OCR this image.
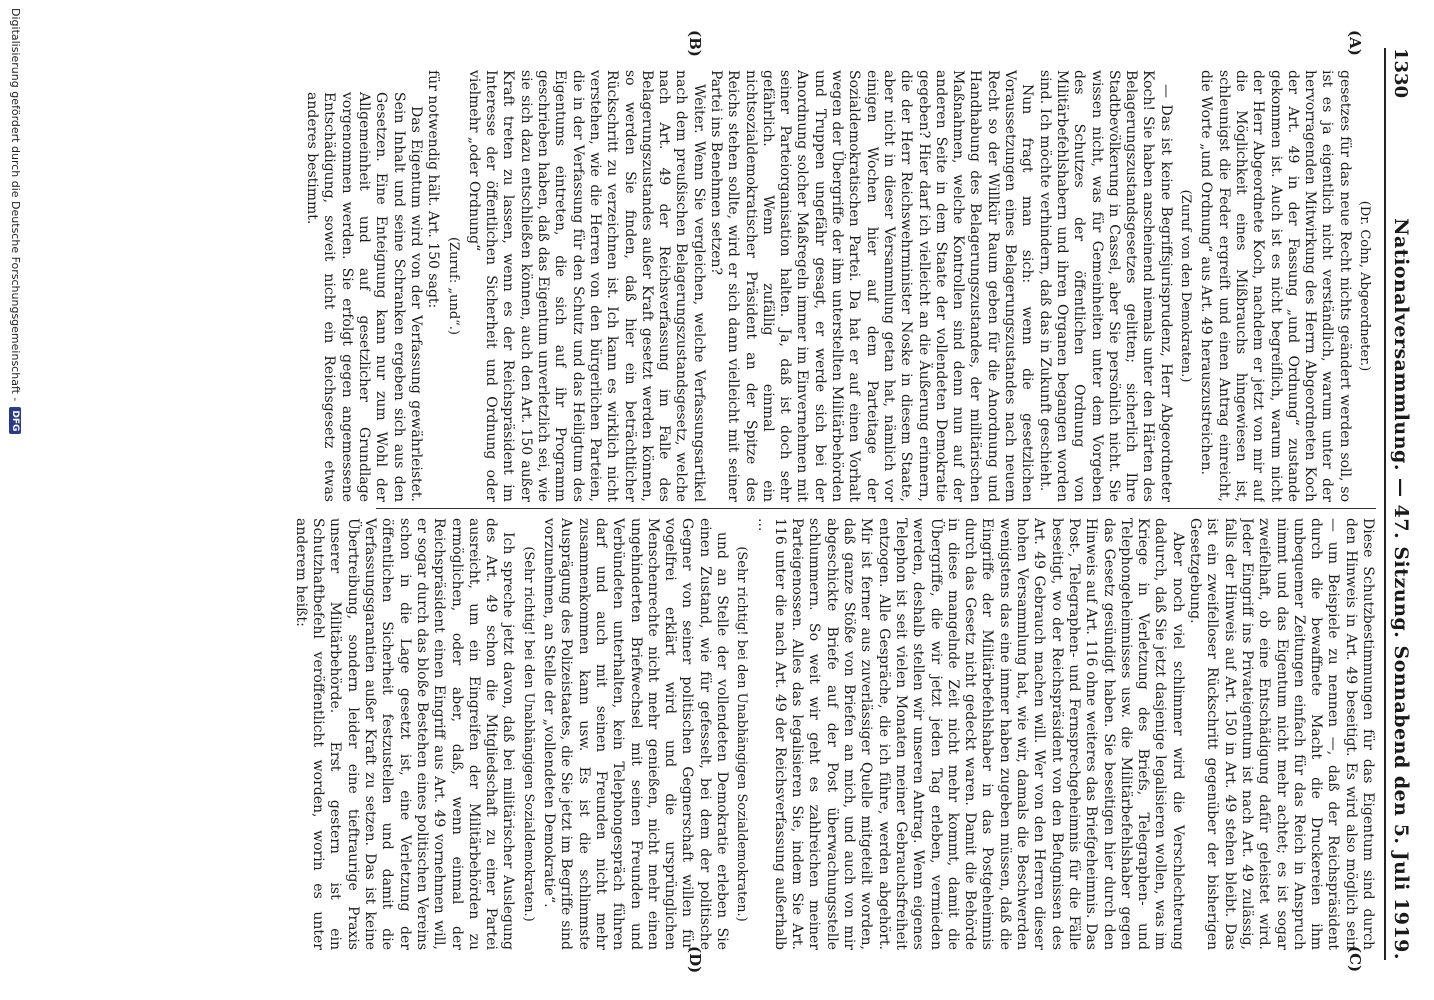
1330
Nationalversammlung. — 47. Sitzung. Sonnabend den 5. Juli 1919.
(A)
(B)
(C)
(D)
(Dr. Cohn, Abgeordneter.)

gesetzes für das neue Recht nichts geändert werden soll, so ist es ja eigentlich nicht verständlich, warum unter der hervorragenden Mitwirkung des Herrn Abgeordneten Koch der Art. 49 in der Fassung „und Ordnung“ zustande gekommen ist. Auch ist es nicht begreiflich, warum nicht der Herr Abgeordnete Koch, nachdem er jetzt von mir auf die Möglichkeit eines Mißbrauchs hingewiesen ist, schleunigst die Feder ergreift und einen Antrag einreicht, die Worte „und Ordnung“ aus Art. 49 herauszustreichen.

(Zuruf von den Demokraten.)

— Das ist keine Begriffsjurisprudenz, Herr Abgeordneter Koch! Sie haben anscheinend niemals unter den Härten des Belagerungszustandsgesetzes gelitten; sicherlich Ihre Stadtbevölkerung in Cassel, aber Sie persönlich nicht. Sie wissen nicht, was für Gemeinheiten unter dem Vorgeben des Schutzes der öffentlichen Ordnung von Militärbefehlshabern und ihren Organen begangen worden sind. Ich möchte verhindern, daß das in Zukunft geschieht.

Nun fragt man sich: wenn die gesetzlichen Voraussetzungen eines Belagerungszustandes nach neuem Recht so der Willkür Raum geben für die Anordnung und Handhabung des Belagerungszustandes, der militärischen Maßnahmen, welche Kontrollen sind denn nun auf der anderen Seite in dem Staate der vollendeten Demokratie gegeben? Hier darf ich vielleicht an die Äußerung erinnern, die der Herr Reichswehrminister Noske in diesem Staate, aber nicht in dieser Versammlung getan hat, nämlich vor einigen Wochen hier auf dem Parteitage der Sozialdemokratischen Partei. Da hat er auf einen Vorhalt wegen der Übergriffe der ihm unterstellten Militärbehörden und Truppen ungefähr gesagt, er werde sich bei der Anordnung solcher Maßregeln immer im Einvernehmen mit seiner Parteiorganisation halten. Ja, daß ist doch sehr gefährlich. Wenn zufällig einmal ein nichtsozialdemokratischer Präsident an der Spitze des Reichs stehen sollte, wird er sich dann vielleicht mit seiner Partei ins Benehmen setzen?

Weiter. Wenn Sie vergleichen, welche Verfassungsartikel nach dem preußischen Belagerungszustandsgesetz, welche nach Art. 49 der Reichsverfassung im Falle des Belagerungszustandes außer Kraft gesetzt werden können, so werden Sie finden, daß hier ein beträchtlicher Rückschritt zu verzeichnen ist. Ich kann es wirklich nicht verstehen, wie die Herren von den bürgerlichen Parteien, die in der Verfassung für den Schutz und das Heiligtum des Eigentums eintreten, die sich auf ihr Programm geschrieben haben, daß das Eigentum unverletzlich sei, wie sie sich dazu entschließen können, auch den Art. 150 außer Kraft treten zu lassen, wenn es der Reichspräsident im Interesse der öffentlichen Sicherheit und Ordnung oder vielmehr „oder Ordnung“

(Zuruf: „und“.)

für notwendig hält. Art. 150 sagt:

Das Eigentum wird von der Verfassung gewährleistet. Sein Inhalt und seine Schranken ergeben sich aus den Gesetzen. Eine Enteignung kann nur zum Wohl der Allgemeinheit und auf gesetzlicher Grundlage vorgenommen werden. Sie erfolgt gegen angemessene Entschädigung, soweit nicht ein Reichsgesetz etwas anderes bestimmt.

Diese Schutzbestimmungen für das Eigentum sind durch den Hinweis in Art. 49 beseitigt. Es wird also möglich sein — um Beispiele zu nennen —, daß der Reichspräsident durch die bewaffnete Macht die Druckereien ihm unbequemer Zeitungen einfach für das Reich in Anspruch nimmt und das Eigentum nicht mehr achtet; es ist sogar zweifelhaft, ob eine Entschädigung dafür geleistet wird. Jeder Eingriff ins Privateigentum ist nach Art. 49 zulässig, falls der Hinweis auf Art. 150 in Art. 49 stehen bleibt. Das ist ein zweifelloser Rückschritt gegenüber der bisherigen Gesetzgebung.

Aber noch viel schlimmer wird die Verschlechterung dadurch, daß Sie jetzt dasjenige legalisieren wollen, was im Kriege in Verletzung des Briefs, Telegraphen- und Telephongeheimnisses usw. die Militärbefehlshaber gegen das Gesetz gesündigt haben. Sie beseitigen hier durch den Hinweis auf Art. 116 ohne weiteres das Briefgeheimnis. Das Post-, Telegraphen- und Fernsprechgeheimnis für die Fälle beseitigt, wo der Reichspräsident von den Befugnissen des Art. 49 Gebrauch machen will. Wer von den Herren dieser hohen Versammlung hat, wie wir, damals die Beschwerden wenigstens das eine immer haben zugeben müssen, daß die Eingriffe der Militärbefehlshaber in das Postgeheimnis durch das Gesetz nicht gedeckt waren. Damit die Behörde in diese mangelnde Zeit nicht mehr kommt, damit die Übergriffe, die wir jetzt jeden Tag erleben, vermieden werden, deshalb stellen wir unseren Antrag. Wenn eigenes Telephon ist seit vielen Monaten meiner Gebrauchsfreiheit entzogen. Alle Gespräche, die ich führe, werden abgehört. Mir ist ferner aus zuverlässiger Quelle mitgeteilt worden, daß ganze Stöße von Briefen an mich, und auch von mir abgeschickte Briefe auf der Post überwachungsstelle schlummern. So weit wir geht es zahlreichen meiner Parteigenossen. Alles das legalisieren Sie, indem Sie Art. 116 unter die nach Art. 49 der Reichsverfassung außerhalb ...

(Sehr richtig! bei den Unabhängigen Sozialdemokraten.)

und an Stelle der vollendeten Demokratie erleben Sie einen Zustand, wie für gefesselt, bei dem der politische Gegner von seiner politischen Gegnerschaft willen für vogelfrei erklärt wird und die ursprünglichen Menschenrechte nicht mehr genießen, nicht mehr einen ungehinderten Briefwechsel mit seinen Freunden und Verbündeten unterhalten, kein Telephongespräch führen darf und auch mit seinen Freunden nicht mehr zusammenkommen kann usw. Es ist die schlimmste Ausprägung des Polizeistaates, die Sie jetzt im Begriffe sind vorzunehmen, an Stelle der „vollendeten Demokratie“.

(Sehr richtig! bei den Unabhängigen Sozialdemokraten.)

Ich spreche jetzt davon, daß bei militärischer Auslegung des Art. 49 schon die Mitgliedschaft zu einer Partei ausreicht, um ein Eingreifen der Militärbehörden zu ermöglichen, oder aber, daß, wenn einmal der Reichspräsident einen Eingriff aus Art. 49 vornehmen will, er sogar durch das bloße Bestehen eines politischen Vereins schon in die Lage gesetzt ist, eine Verletzung der öffentlichen Sicherheit festzustellen und damit die Verfassungsgarantien außer Kraft zu setzen. Das ist keine Übertreibung, sondern leider eine tieftraurige Praxis unserer Militärbehörde. Erst gestern ist ein Schutzhaftbefehl veröffentlicht worden, worin es unter anderem heißt:

Digitalisierung gefördert durch die Deutsche Forschungsgemeinschaft -
DFG
